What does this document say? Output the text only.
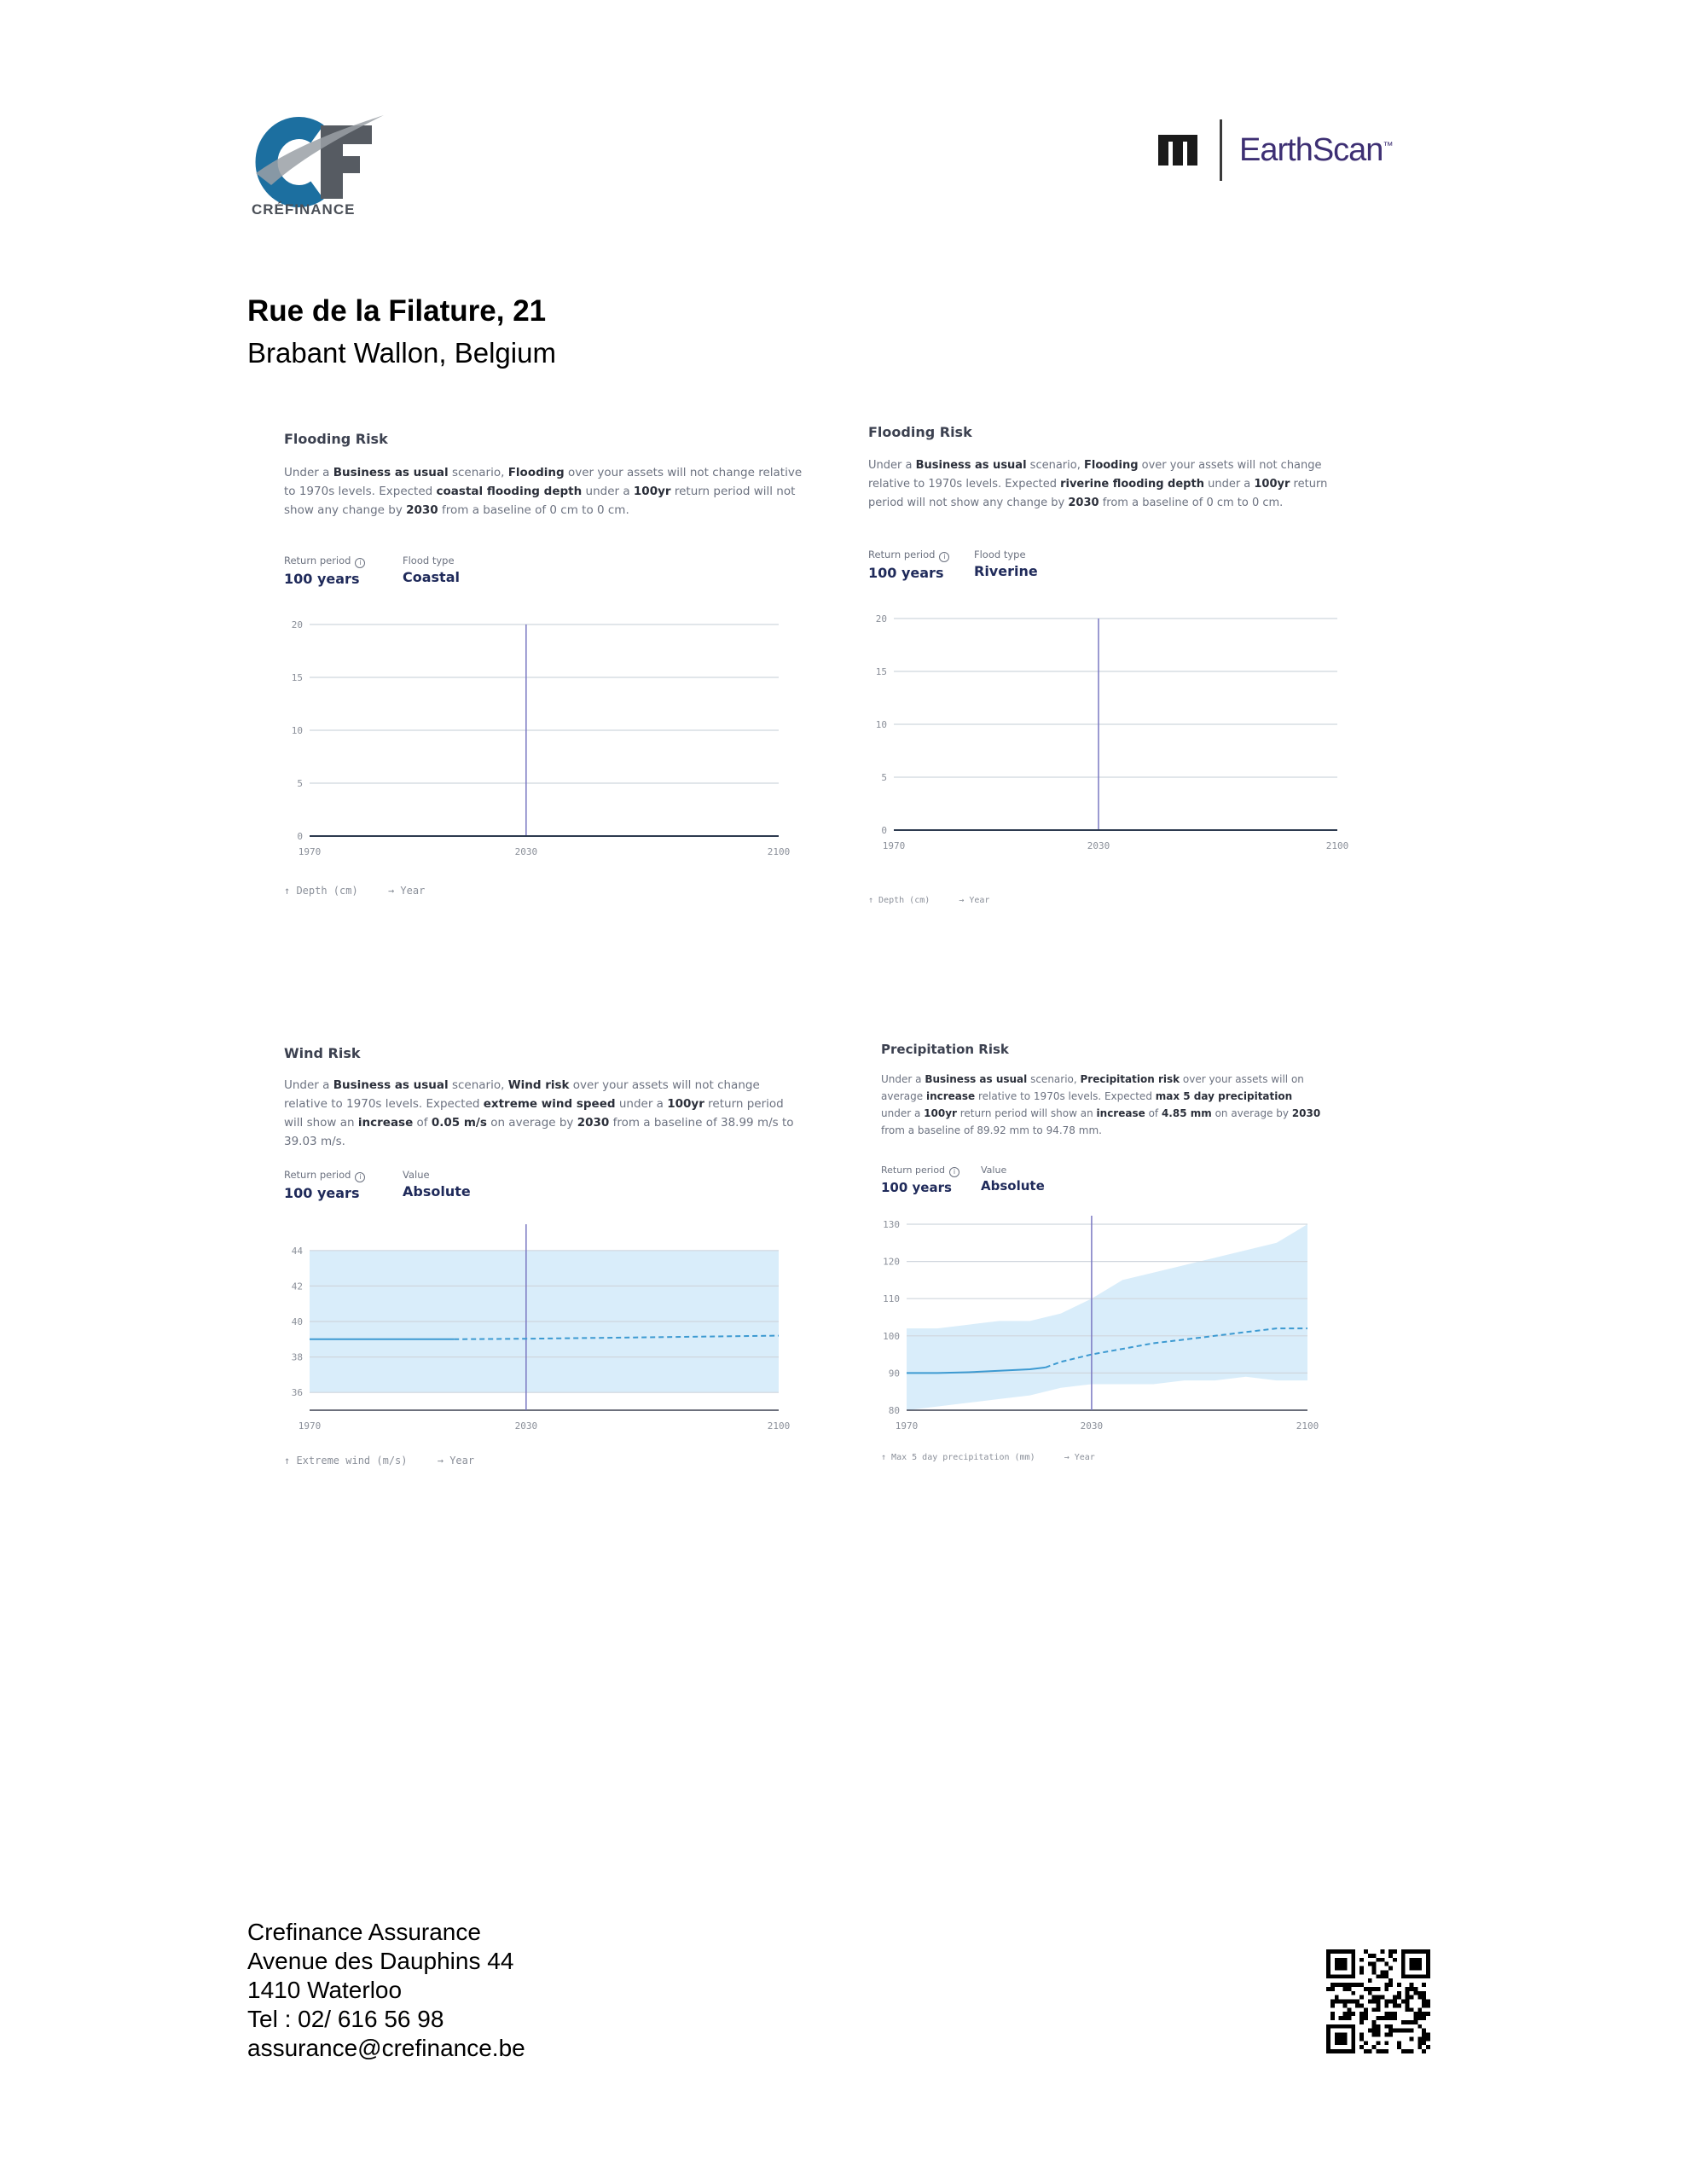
CRÉFINANCE
EarthScan™
Rue de la Filature, 21
Brabant Wallon, Belgium
Flooding Risk
Under a Business as usual scenario, Flooding over your assets will not change relative to 1970s levels. Expected coastal flooding depth under a 100yr return period will not show any change by 2030 from a baseline of 0 cm to 0 cm.
Return period i
100 years
Flood type
Coastal
0
5
10
15
20
1970	2030	2100
↑ Depth (cm)	→ Year
Flooding Risk
Under a Business as usual scenario, Flooding over your assets will not change relative to 1970s levels. Expected riverine flooding depth under a 100yr return period will not show any change by 2030 from a baseline of 0 cm to 0 cm.
Return period i
100 years
Flood type
Riverine
0
5
10
15
20
1970	2030	2100
↑ Depth (cm)	→ Year
Wind Risk
Under a Business as usual scenario, Wind risk over your assets will not change relative to 1970s levels. Expected extreme wind speed under a 100yr return period will show an increase of 0.05 m/s on average by 2030 from a baseline of 38.99 m/s to 39.03 m/s.
Return period i
100 years
Value
Absolute
36
38
40
42
44
1970	2030	2100
↑ Extreme wind (m/s)	→ Year
Precipitation Risk
Under a Business as usual scenario, Precipitation risk over your assets will on average increase relative to 1970s levels. Expected max 5 day precipitation under a 100yr return period will show an increase of 4.85 mm on average by 2030 from a baseline of 89.92 mm to 94.78 mm.
Return period i
100 years
Value
Absolute
80
90
100
110
120
130
1970	2030	2100
↑ Max 5 day precipitation (mm)	→ Year
Crefinance Assurance
Avenue des Dauphins 44
1410 Waterloo
Tel : 02/ 616 56 98
assurance@crefinance.be
